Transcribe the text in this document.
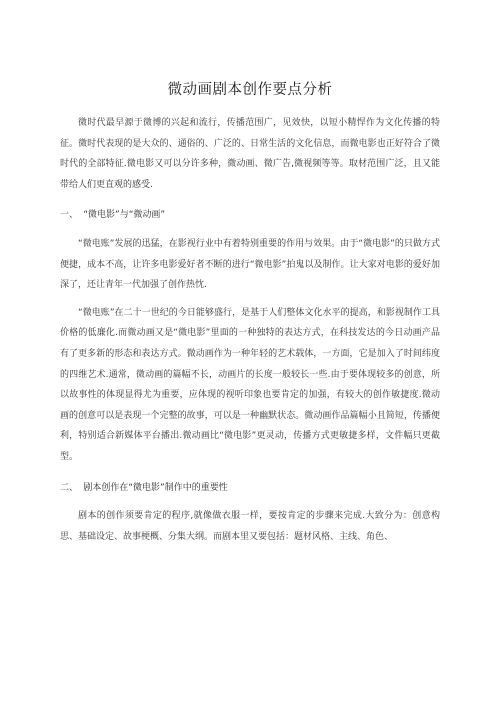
微动画剧本创作要点分析

微时代最早源于微博的兴起和流行，传播范围广，见效快，以短小精悍作为文化传播的特征。微时代表现的是大众的、通俗的、广泛的、日常生活的文化信息，而微电影也正好符合了微时代的全部特征.微电影又可以分许多种，微动画、微广告,微视频等等。取材范围广泛，且又能带给人们更直观的感受.

一、 “微电影”与“微动画”

“微电账”发展的迅猛，在影视行业中有着特别重要的作用与效果。由于“微电影”的只做方式便捷，成本不高，让许多电影爱好者不断的进行“微电影”拍鬼以及制作。让大家对电影的爱好加深了，还让青年一代加强了创作热忱.

“微电账”在二十一世纪的今日能够盛行，是基于人们整体文化水平的提高，和影视制作工具价格的低廉化.而微动画又是“微电影”里面的一种独特的表达方式，在科技发达的今日动画产品有了更多新的形态和表达方式。微动画作为一种年轻的艺术载体，一方面，它是加入了时间纬度的四维艺术.通常，微动画的篇幅不长，动画片的长度一般较长一些.由于要体现较多的创意，所以故事性的体现显得尤为重要，应体现的视听印象也要肯定的加强，有较大的创作敏捷度.微动画的创意可以是表现一个完整的故事，可以是一种幽默状态。微动画作品篇幅小且简短，传播便利，特别适合新媒体平台播出.微动画比“微电影”更灵动，传播方式更敏捷多样，文件幅只更截型。

二、 剧本创作在“微电影”制作中的重要性

剧本的创作须要肯定的程序,就像做衣服一样，要按肯定的步骤来完成.大致分为：创意构思、基础设定、故事梗概、分集大纲。而剧本里又要包括：题材风格、主线、角色、
